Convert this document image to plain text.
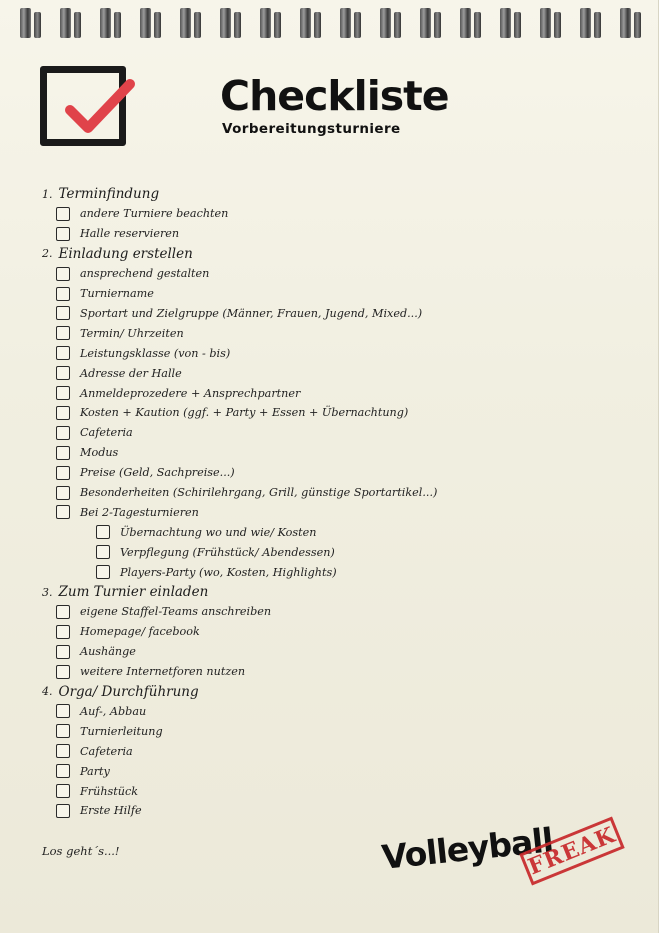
Checkliste
Vorbereitungsturniere
1. Terminfindung
andere Turniere beachten
Halle reservieren
2. Einladung erstellen
ansprechend gestalten
Turniername
Sportart und Zielgruppe (Männer, Frauen, Jugend, Mixed...)
Termin/ Uhrzeiten
Leistungsklasse (von - bis)
Adresse der Halle
Anmeldeprozedere + Ansprechpartner
Kosten + Kaution (ggf. + Party + Essen + Übernachtung)
Cafeteria
Modus
Preise (Geld, Sachpreise...)
Besonderheiten (Schirilehrgang, Grill, günstige Sportartikel...)
Bei 2-Tagesturnieren
Übernachtung wo und wie/ Kosten
Verpflegung (Frühstück/ Abendessen)
Players-Party (wo, Kosten, Highlights)
3. Zum Turnier einladen
eigene Staffel-Teams anschreiben
Homepage/ facebook
Aushänge
weitere Internetforen nutzen
4. Orga/ Durchführung
Auf-, Abbau
Turnierleitung
Cafeteria
Party
Frühstück
Erste Hilfe
Los geht´s...!	Volleyball
FREAK
